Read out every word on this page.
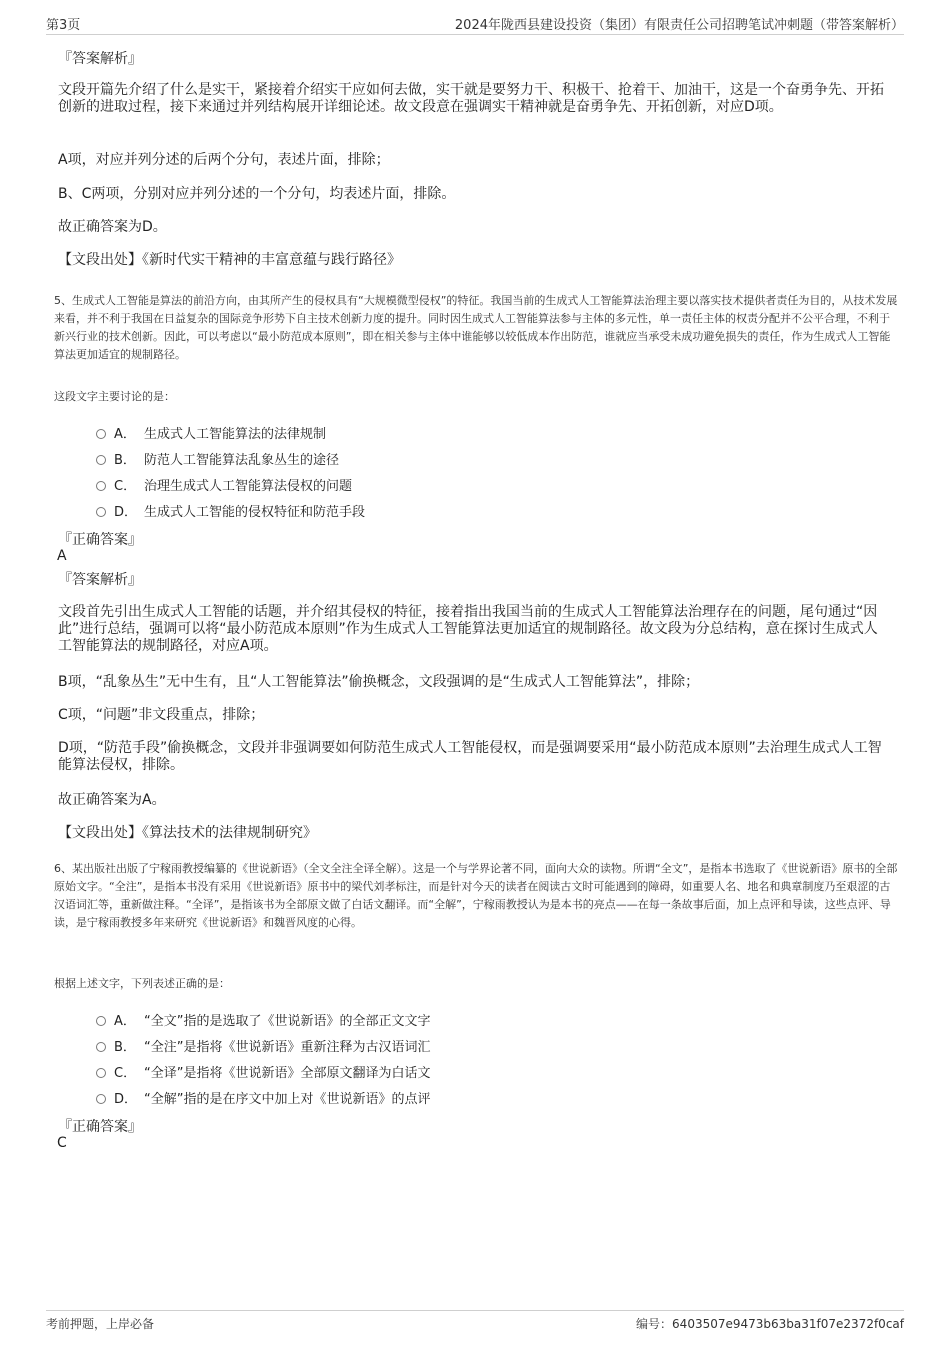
第3页	2024年陇西县建设投资（集团）有限责任公司招聘笔试冲刺题（带答案解析）
『答案解析』
文段开篇先介绍了什么是实干，紧接着介绍实干应如何去做，实干就是要努力干、积极干、抢着干、加油干，这是一个奋勇争先、开拓创新的进取过程，接下来通过并列结构展开详细论述。故文段意在强调实干精神就是奋勇争先、开拓创新，对应D项。
A项，对应并列分述的后两个分句，表述片面，排除；
B、C两项，分别对应并列分述的一个分句，均表述片面，排除。
故正确答案为D。
【文段出处】《新时代实干精神的丰富意蕴与践行路径》
5、生成式人工智能是算法的前沿方向，由其所产生的侵权具有“大规模微型侵权”的特征。我国当前的生成式人工智能算法治理主要以落实技术提供者责任为目的，从技术发展来看，并不利于我国在日益复杂的国际竞争形势下自主技术创新力度的提升。同时因生成式人工智能算法参与主体的多元性，单一责任主体的权责分配并不公平合理，不利于新兴行业的技术创新。因此，可以考虑以“最小防范成本原则”，即在相关参与主体中谁能够以较低成本作出防范，谁就应当承受未成功避免损失的责任，作为生成式人工智能算法更加适宜的规制路径。
这段文字主要讨论的是：
A． 生成式人工智能算法的法律规制
B． 防范人工智能算法乱象丛生的途径
C． 治理生成式人工智能算法侵权的问题
D． 生成式人工智能的侵权特征和防范手段
『正确答案』
A
『答案解析』
文段首先引出生成式人工智能的话题，并介绍其侵权的特征，接着指出我国当前的生成式人工智能算法治理存在的问题，尾句通过“因此”进行总结，强调可以将“最小防范成本原则”作为生成式人工智能算法更加适宜的规制路径。故文段为分总结构，意在探讨生成式人工智能算法的规制路径，对应A项。
B项，“乱象丛生”无中生有，且“人工智能算法”偷换概念，文段强调的是“生成式人工智能算法”，排除；
C项，“问题”非文段重点，排除；
D项，“防范手段”偷换概念，文段并非强调要如何防范生成式人工智能侵权，而是强调要采用“最小防范成本原则”去治理生成式人工智能算法侵权，排除。
故正确答案为A。
【文段出处】《算法技术的法律规制研究》
6、某出版社出版了宁稼雨教授编纂的《世说新语》（全文全注全译全解）。这是一个与学界论著不同，面向大众的读物。所谓“全文”，是指本书选取了《世说新语》原书的全部原始文字。“全注”，是指本书没有采用《世说新语》原书中的梁代刘孝标注，而是针对今天的读者在阅读古文时可能遇到的障碍，如重要人名、地名和典章制度乃至艰涩的古汉语词汇等，重新做注释。“全译”，是指该书为全部原文做了白话文翻译。而“全解”，宁稼雨教授认为是本书的亮点——在每一条故事后面，加上点评和导读，这些点评、导读，是宁稼雨教授多年来研究《世说新语》和魏晋风度的心得。
根据上述文字，下列表述正确的是：
A． “全文”指的是选取了《世说新语》的全部正文文字
B． “全注”是指将《世说新语》重新注释为古汉语词汇
C． “全译”是指将《世说新语》全部原文翻译为白话文
D． “全解”指的是在序文中加上对《世说新语》的点评
『正确答案』
C
考前押题，上岸必备	编号：6403507e9473b63ba31f07e2372f0caf
